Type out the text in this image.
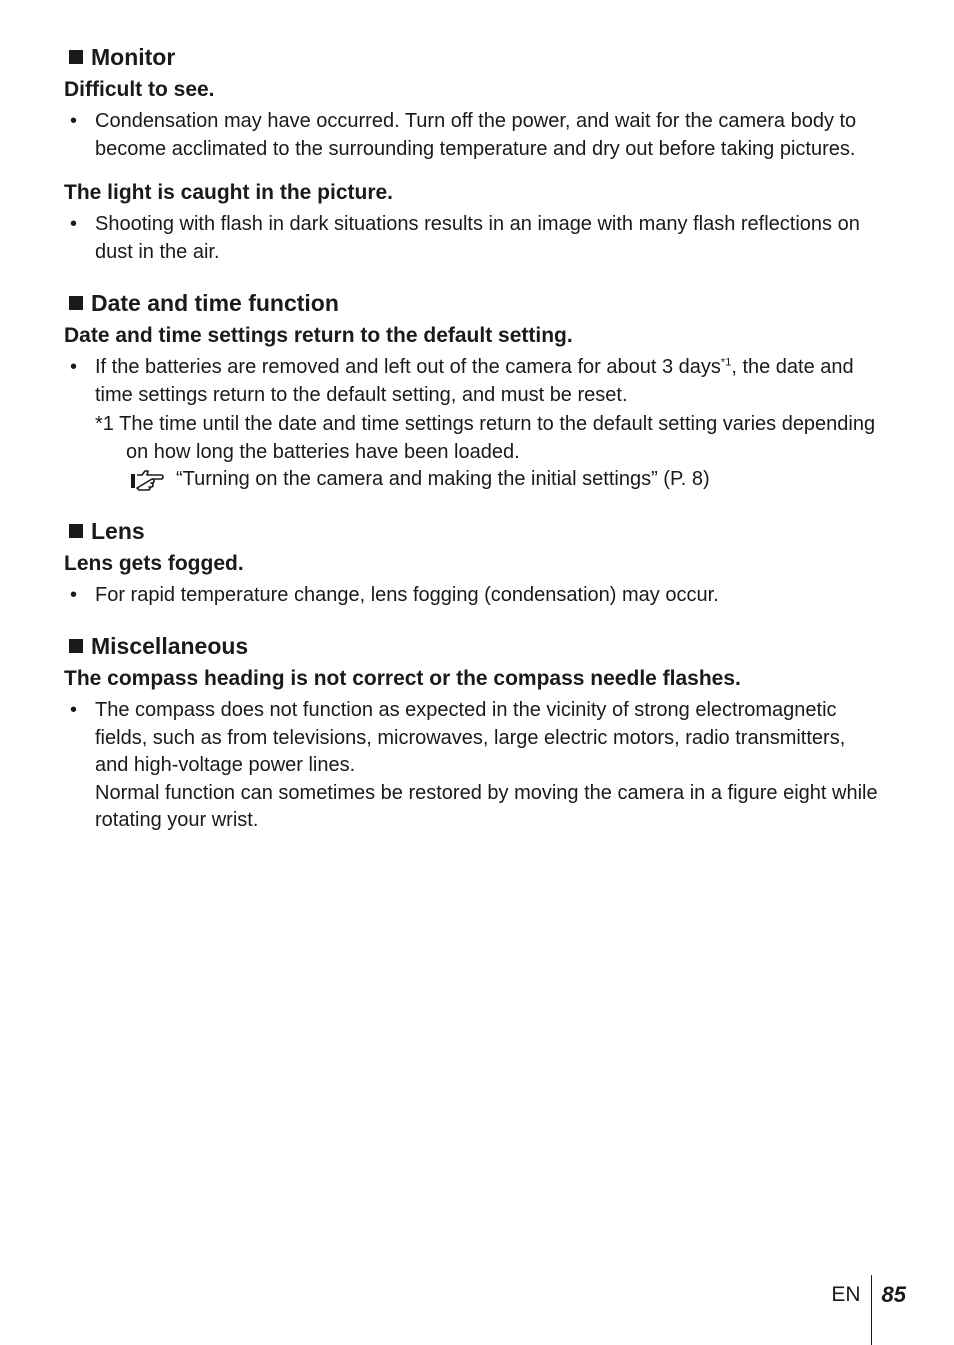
Monitor
Difficult to see.
• Condensation may have occurred. Turn off the power, and wait for the camera body to become acclimated to the surrounding temperature and dry out before taking pictures.
The light is caught in the picture.
• Shooting with flash in dark situations results in an image with many flash reflections on dust in the air.
Date and time function
Date and time settings return to the default setting.
• If the batteries are removed and left out of the camera for about 3 days$^{*1}$, the date and time settings return to the default setting, and must be reset.
*1 The time until the date and time settings return to the default setting varies depending on how long the batteries have been loaded.
“Turning on the camera and making the initial settings” (P. 8)
Lens
Lens gets fogged.
• For rapid temperature change, lens fogging (condensation) may occur.
Miscellaneous
The compass heading is not correct or the compass needle flashes.
• The compass does not function as expected in the vicinity of strong electromagnetic fields, such as from televisions, microwaves, large electric motors, radio transmitters, and high-voltage power lines.
Normal function can sometimes be restored by moving the camera in a figure eight while rotating your wrist.
EN 85
